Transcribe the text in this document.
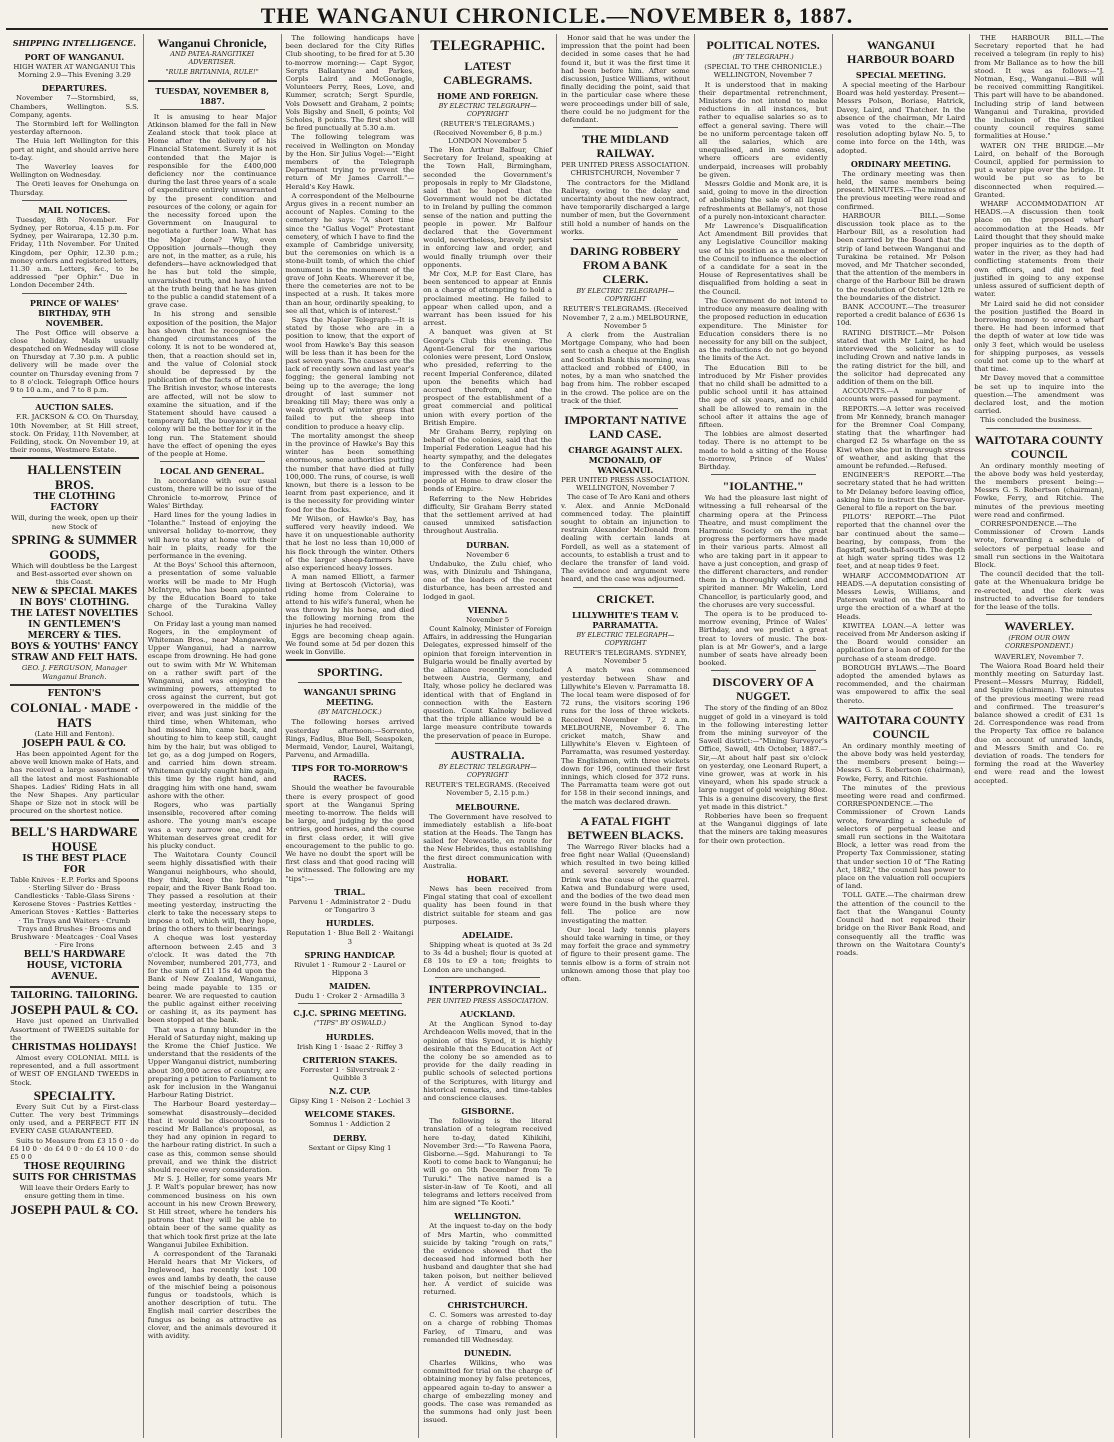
THE WANGANUI CHRONICLE.—NOVEMBER 8, 1887.
SHIPPING INTELLIGENCE.
PORT OF WANGANUI.

HIGH WATER AT WANGANUI This Morning 2.9—This Evening 3.29

DEPARTURES.

November 7—Stormbird, ss, Chambers, Wellington. S.S. Company, agents.

The Stormbird left for Wellington yesterday afternoon.

The Huia left Wellington for this port at night, and should arrive here to-day.

The Waverley leaves for Wellington on Wednesday.

The Oreti leaves for Onehunga on Thursday.

MAIL NOTICES.

Tuesday, 8th November. For Sydney, per Rotorua, 4.15 p.m. For Sydney, per Wairarapa, 12.30 p.m. Friday, 11th November. For United Kingdom, per Ophir, 12.30 p.m.; money orders and registered letters, 11.30 a.m. Letters, &c., to be addressed "per Ophir." Due in London December 24th.

PRINCE OF WALES' BIRTHDAY, 9TH NOVEMBER.

The Post Office will observe a close holiday. Mails usually despatched on Wednesday will close on Thursday at 7.30 p.m. A public delivery will be made over the counter on Thursday evening from 7 to 8 o'clock. Telegraph Office hours 9 to 10 a.m., and 7 to 8 p.m.

AUCTION SALES.

F.R. JACKSON & CO. On Thursday, 10th November, at St Hill street, stock. On Friday, 11th November, at Feilding, stock. On November 19, at their rooms, Westmere Estate.

HALLENSTEIN BROS.
THE CLOTHING FACTORY

Will, during the week, open up their new Stock of

SPRING & SUMMER GOODS,

Which will doubtless be the Largest and Best-assorted ever shown on this Coast.

NEW & SPECIAL MAKES IN BOYS' CLOTHING.
THE LATEST NOVELTIES IN GENTLEMEN'S MERCERY & TIES.
BOYS & YOUTHS' FANCY STRAW AND FELT HATS.

GEO. J. FERGUSON, Manager Wanganui Branch.

FENTON'S
COLONIAL · MADE · HATS

(Late Hill and Fenton).

JOSEPH PAUL & CO.

Has been appointed Agent for the above well known make of Hats, and has received a large assortment of all the latest and most Fashionable Shapes. Ladies' Riding Hats in all the New Shapes. Any particular Shape or Size not in stock will be procured on the shortest notice.

BELL'S HARDWARE HOUSE
IS THE BEST PLACE FOR

Table Knives · E.P. Forks and Spoons · Sterling Silver do · Brass Candlesticks · Table-Glass Sirens · Kerosene Stoves · Pastries Kettles · American Stoves · Kettles · Batteries · Tin Trays and Waiters · Crumb Trays and Brushes · Brooms and Brushware · Meatcages · Coal Vases · Fire Irons

BELL'S HARDWARE HOUSE, VICTORIA AVENUE.
TAILORING. TAILORING.
JOSEPH PAUL & CO.

Have just opened an Unrivalled Assortment of TWEEDS suitable for the

CHRISTMAS HOLIDAYS!

Almost every COLONIAL MILL is represented, and a full assortment of WEST OF ENGLAND TWEEDS in Stock.

SPECIALITY.

Every Suit Cut by a First-class Cutter. The very best Trimmings only used, and a PERFECT FIT IN EVERY CASE GUARANTEED.

Suits to Measure from £3 15 0 · do £4 10 0 · do £4 0 0 · do £4 10 0 · do £5 0 0

THOSE REQUIRING SUITS FOR CHRISTMAS

Will leave their Orders Early to ensure getting them in time.

JOSEPH PAUL & CO.
Wanganui Chronicle,
AND PATEA-RANGITIKEI ADVERTISER.
"RULE BRITANNIA, RULE!"
TUESDAY, NOVEMBER 8, 1887.

It is amusing to hear Major Atkinson blamed for the fall in New Zealand stock that took place at Home after the delivery of his Financial Statement. Surely it is not contended that the Major is responsible for the £400,000 deficiency nor the continuance during the last three years of a scale of expenditure entirely unwarranted by the present condition and resources of the colony, or again for the necessity forced upon the Government on Inaugural to negotiate a further loan. What has the Major done? Why, even Opposition journals—though they are not, in the matter, as a rule, his defenders—have acknowledged that he has but told the simple, unvarnished truth, and have hinted at the truth being that he has given to the public a candid statement of a grave case.

In his strong and sensible exposition of the position, the Major has shown that he recognises the changed circumstances of the colony. It is not to be wondered at, then, that a reaction should set in, and the value of Colonial stock should be depressed by the publication of the facts of the case. The British investor, whose interests are affected, will not be slow to examine the situation, and if the Statement should have caused a temporary fall, the buoyancy of the colony will be the better for it in the long run. The Statement should have the effect of opening the eyes of the people at Home.

LOCAL AND GENERAL.

In accordance with our usual custom, there will be no issue of the Chronicle to-morrow, Prince of Wales' Birthday.

Hard lines for the young ladies in "Iolanthe." Instead of enjoying the universal holiday to-morrow, they will have to stay at home with their hair in plaits, ready for the performance in the evening.

At the Boys' School this afternoon, a presentation of some valuable works will be made to Mr Hugh McIntyre, who has been appointed by the Education Board to take charge of the Turakina Valley School.

On Friday last a young man named Rogers, in the employment of Whiteman Bros., near Mangaweka, Upper Wanganui, had a narrow escape from drowning. He had gone out to swim with Mr W. Whiteman on a rather swift part of the Wanganui, and was enjoying the swimming powers, attempted to cross against the current, but got overpowered in the middle of the river, and was just sinking for the third time, when Whiteman, who had missed him, came back, and shouting to him to keep still, caught him by the hair, but was obliged to let go, as a dog jumped on Rogers, and carried him down stream. Whiteman quickly caught him again, this time by the right hand, and dragging him with one hand, swam ashore with the other.

Rogers, who was partially insensible, recovered after coming ashore. The young man's escape was a very narrow one, and Mr Whiteman deserves great credit for his plucky conduct.

The Waitotara County Council seem highly dissatisfied with their Wanganui neighbours, who should, they think, keep the bridge in repair, and the River Bank Road too. They passed a resolution at their meeting yesterday, instructing the clerk to take the necessary steps to impose a toll, which will, they hope, bring the others to their bearings.

A cheque was lost yesterday afternoon between 2.45 and 3 o'clock. It was dated the 7th November, numbered 201,773, and for the sum of £11 15s 4d upon the Bank of New Zealand, Wanganui, being made payable to 135 or bearer. We are requested to caution the public against either receiving or cashing it, as its payment has been stopped at the bank.

That was a funny blunder in the Herald of Saturday night, making up the Krome the Chief Justice. We understand that the residents of the Upper Wanganui district, numbering about 300,000 acres of country, are preparing a petition to Parliament to ask for inclusion in the Wanganui Harbour Rating District.

The Harbour Board yesterday—somewhat disastrously—decided that it would be discourteous to rescind Mr Ballance's proposal, as they had any opinion in regard to the harbour rating district. In such a case as this, common sense should prevail, and we think the district should receive every consideration.

Mr S. J. Heller, for some years Mr J. P. Walt's popular brewer, has now commenced business on his own account in his new Crown Brewery, St Hill street, where he tenders his patrons that they will be able to obtain beer of the same quality as that which took first prize at the late Wanganui Jubilee Exhibition.

A correspondent of the Taranaki Herald hears that Mr Vickers, of Inglewood, has recently lost 100 ewes and lambs by death, the cause of the mischief being a poisonous fungus or toadstools, which is another description of tutu. The English mail carrier describes the fungus as being as attractive as clover, and the animals devoured it with avidity.

The following handicaps have been declared for the City Rifles Club shooting, to be fired for at 5.30 to-morrow morning:— Capt Sygor, Sergts Ballantyne and Parkes, Corpls Laird and McGonagle, Volunteers Perry, Rees, Love, and Kummer, scratch; Sergt Spurdle, Vols Dowsett and Graham, 2 points; Vols Bigsby and Snell, 6 points; Vol Scholes, 8 points. The first shot will be fired punctually at 5.30 a.m.

The following telegram was received in Wellington on Monday by the Hon. Sir Julius Vogel:—"Eight members of the Telegraph Department trying to prevent the return of Mr James Carroll."—Herald's Key Hawk.

A correspondent of the Melbourne Argus gives in a recent number an account of Naples. Coming to the cemetery he says: "A short time since the "Gallus Vogel" Protestant cemetery, of which I have to find the example of Cambridge university, but the ceremonies on which is a stone-built tomb, of which the chief monument is the monument of the grave of John Keats. Wherever it be, there the cemeteries are not to be inspected at a rush. It takes more than an hour, ordinarily speaking, to see all that, which is of interest."

Says the Napier Telegraph:—It is stated by those who are in a position to know, that the export of wool from Hawke's Bay this season will be less than it has been for the past seven years. The causes are the lack of recently sown and last year's fogging; the general lambing not being up to the average; the long drought of last summer not breaking till May; there was only a weak growth of winter grass that failed to put the sheep into condition to produce a heavy clip.

The mortality amongst the sheep in the province of Hawke's Bay this winter has been something enormous, some authorities putting the number that have died at fully 100,000. The runs, of course, is well known, but there is a lesson to be learnt from past experience, and it is the necessity for providing winter food for the flocks.

Mr Wilson, of Hawke's Bay, has suffered very heavily indeed. We have it on unquestionable authority that he lost no less than 10,000 of his flock through the winter. Others of the larger sheep-farmers have also experienced heavy losses.

A man named Elliott, a farmer living at Bertoscoh (Victoria), was riding home from Coleraine to attend to his wife's funeral, when he was thrown by his horse, and died the following morning from the injuries he had received.

Eggs are becoming cheap again. We found some at 5d per dozen this week in Gonville.

SPORTING.
WANGANUI SPRING MEETING.
(BY MATCHLOCK.)

The following horses arrived yesterday afternoon:—Sorrento, Rings, Fadlus, Blue Bell, Seaspoken, Mermaid, Vendor, Laurel, Waitangi, Parvenu, and Armadilla.

TIPS FOR TO-MORROW'S RACES.

Should the weather be favourable there is every prospect of good sport at the Wanganui Spring meeting to-morrow. The fields will be large, and judging by the good entries, good horses, and the course in first class order, it will give encouragement to the public to go. We have no doubt the sport will be first class and that good racing will be witnessed. The following are my "tips":—

TRIAL.

Parvenu 1 · Administrator 2 · Dudu or Tongariro 3

HURDLES.

Reputation 1 · Blue Bell 2 · Waitangi 3

SPRING HANDICAP.

Rivulet 1 · Rumour 2 · Laurel or Hippona 3

MAIDEN.

Dudu 1 · Croker 2 · Armadilla 3

C.J.C. SPRING MEETING.
("TIPS" BY OSWALD.)
HURDLES.

Irish King 1 · Isaac 2 · Riffey 3

CRITERION STAKES.

Forrester 1 · Silverstreak 2 · Quibble 3

N.Z. CUP.

Gipsy King 1 · Nelson 2 · Lochiel 3

WELCOME STAKES.

Somnus 1 · Addiction 2

DERBY.

Sextant or Gipsy King 1

TELEGRAPHIC.
LATEST CABLEGRAMS.
HOME AND FOREIGN.
BY ELECTRIC TELEGRAPH—COPYRIGHT

(REUTER'S TELEGRAMS.) (Received November 6, 8 p.m.) LONDON November 5

The Hon Arthur Balfour, Chief Secretary for Ireland, speaking at the Town Hall, Birmingham, seconded the Government's proposals in reply to Mr Gladstone, said that he hoped that the Government would not be dictated to in Ireland by pulling the common sense of the nation and putting the people in power. Mr Balfour declared that the Government would, nevertheless, bravely persist in enforcing law and order, and would finally triumph over their opponents.

Mr Cox, M.P. for East Clare, has been sentenced to appear at Ennis on a charge of attempting to hold a proclaimed meeting. He failed to appear when called upon, and a warrant has been issued for his arrest.

A banquet was given at St George's Club this evening. The Agent-General for the various colonies were present, Lord Onslow, who presided, referring to the recent Imperial Conference, dilated upon the benefits which had accrued therefrom, and the prospect of the establishment of a great commercial and political union with every portion of the British Empire.

Mr Graham Berry, replying on behalf of the colonies, said that the Imperial Federation League had his hearty sympathy, and the delegates to the Conference had been impressed with the desire of the people at Home to draw closer the bonds of Empire.

Referring to the New Hebrides difficulty, Sir Graham Berry stated that the settlement arrived at had caused unmixed satisfaction throughout Australia.

DURBAN.

November 6

Undabuko, the Zulu chief, who was, with Dinizulu and Tshingana, one of the leaders of the recent disturbance, has been arrested and lodged in gaol.

VIENNA.

November 5

Count Kalnoky, Minister of Foreign Affairs, in addressing the Hungarian Delegates, expressed himself of the opinion that foreign intervention in Bulgaria would be finally averted by the alliance recently concluded between Austria, Germany, and Italy, whose policy he declared was identical with that of England in connection with the Eastern question. Count Kalnoky believed that the triple alliance would be a large measure contribute towards the preservation of peace in Europe.

AUSTRALIA.
BY ELECTRIC TELEGRAPH—COPYRIGHT

REUTER'S TELEGRAMS. (Received November 5, 2.15 p.m.)

MELBOURNE.

The Government have resolved to immediately establish a life-boat station at the Heads. The Tangn has sailed for Newcastle, en route for the New Hebrides, thus establishing the first direct communication with Australia.

HOBART.

News has been received from Fingal stating that coal of excellent quality has been found in that district suitable for steam and gas purposes.

ADELAIDE.

Shipping wheat is quoted at 3s 2d to 3s 4d a bushel; flour is quoted at £8 10s to £9 a ton; freights to London are unchanged.

INTERPROVINCIAL.
PER UNITED PRESS ASSOCIATION.
AUCKLAND.

At the Anglican Synod to-day Archdeacon Wells moved, that in the opinion of this Synod, it is highly desirable that the Education Act of the colony be so amended as to provide for the daily reading in public schools of selected portions of the Scriptures, with liturgy and historical remarks, and time-tables and conscience clauses.

GISBORNE.

The following is the literal translation of a telegram received here to-day, dated Kihikihi, November 3rd:—"To Rawena Paora, Gisborne.—Sgd. Mahurangi to Te Kooti to come back to Wanganui; he will go on 5th December from Te Turuki." The native named is a sister-in-law of Te Kooti, and all telegrams and letters received from him are signed "Te Kooti."

WELLINGTON.

At the inquest to-day on the body of Mrs Martin, who committed suicide by taking "rough on rats," the evidence showed that the deceased had informed both her husband and daughter that she had taken poison, but neither believed her. A verdict of suicide was returned.

CHRISTCHURCH.

C. C. Somers was arrested to-day on a charge of robbing Thomas Farley, of Timaru, and was remanded till Wednesday.

DUNEDIN.

Charles Wilkins, who was committed for trial on the charge of obtaining money by false pretences, appeared again to-day to answer a charge of embezzling money and goods. The case was remanded as the summons had only just been issued.

Honor said that he was under the impression that the point had been decided in some cases that he had found it, but it was the first time it had been before him. After some discussion, Justice Williams, without finally deciding the point, said that in the particular case where these were proceedings under bill of sale, there could be no judgment for the defendant.

THE MIDLAND RAILWAY.

PER UNITED PRESS ASSOCIATION. CHRISTCHURCH, November 7

The contractors for the Midland Railway, owing to the delay and uncertainty about the new contract, have temporarily discharged a large number of men, but the Government still hold a number of hands on the works.

DARING ROBBERY FROM A BANK CLERK.
BY ELECTRIC TELEGRAPH—COPYRIGHT

REUTER'S TELEGRAMS. (Received November 7, 2 a.m.) MELBOURNE, November 5

A clerk from the Australian Mortgage Company, who had been sent to cash a cheque at the English and Scottish Bank this morning, was attacked and robbed of £400, in notes, by a man who snatched the bag from him. The robber escaped in the crowd. The police are on the track of the thief.

IMPORTANT NATIVE LAND CASE.
CHARGE AGAINST ALEX. MCDONALD, OF WANGANUI.

PER UNITED PRESS ASSOCIATION. WELLINGTON, November 7

The case of Te Aro Kani and others v. Alex. and Annie McDonald commenced today. The plaintiff sought to obtain an injunction to restrain Alexander McDonald from dealing with certain lands at Fordell, as well as a statement of accounts, to establish a trust and to declare the transfer of land void. The evidence and argument were heard, and the case was adjourned.

CRICKET.
LILLYWHITE'S TEAM V. PARRAMATTA.
BY ELECTRIC TELEGRAPH—COPYRIGHT

REUTER'S TELEGRAMS. SYDNEY, November 5

A match was commenced yesterday between Shaw and Lillywhite's Eleven v. Parramatta 18. The local team were disposed of for 72 runs, the visitors scoring 196 runs for the loss of three wickets. Received November 7, 2 a.m. MELBOURNE, November 6. The cricket match, Shaw and Lillywhite's Eleven v. Eighteen of Parramatta, was resumed yesterday. The Englishmen, with three wickets down for 196, continued their first innings, which closed for 372 runs. The Parramatta team were got out for 158 in their second innings, and the match was declared drawn.

A FATAL FIGHT BETWEEN BLACKS.

The Warrego River blacks had a free fight near Wallal (Queensland) which resulted in two being killed and several severely wounded. Drink was the cause of the quarrel. Katwa and Bundaburg were used, and the bodies of the two dead men were found in the bush where they fell. The police are now investigating the matter.

Our local lady tennis players should take warning in time, or they may forfeit the grace and symmetry of figure to their present game. The tennis elbow is a form of strain not unknown among those that play too often.

POLITICAL NOTES.
(BY TELEGRAPH.)

(SPECIAL TO THE CHRONICLE.) WELLINGTON, November 7

It is understood that in making their departmental retrenchment, Ministers do not intend to make reductions in all instances, but rather to equalise salaries so as to effect a general saving. There will be no uniform percentage taken off all the salaries, which are unequalised, and in some cases, where officers are evidently underpaid, increases will probably be given.

Messrs Goldie and Monk are, it is said, going to move in the direction of abolishing the sale of all liquid refreshments at Bellamy's, not those of a purely non-intoxicant character.

Mr Lawrence's Disqualification Act Amendment Bill provides that any Legislative Councillor making use of his position as a member of the Council to influence the election of a candidate for a seat in the House of Representatives shall be disqualified from holding a seat in the Council.

The Government do not intend to introduce any measure dealing with the proposed reduction in education expenditure. The Minister for Education considers there is no necessity for any bill on the subject, as the reductions do not go beyond the limits of the Act.

The Education Bill to be introduced by Mr Fisher provides that no child shall be admitted to a public school until it has attained the age of six years, and no child shall be allowed to remain in the school after it attains the age of fifteen.

The lobbies are almost deserted today. There is no attempt to be made to hold a sitting of the House to-morrow, Prince of Wales' Birthday.

"IOLANTHE."

We had the pleasure last night of witnessing a full rehearsal of the charming opera at the Princess Theatre, and must compliment the Harmonic Society on the great progress the performers have made in their various parts. Almost all who are taking part in it appear to have a just conception, and grasp of the different characters, and render them in a thoroughly efficient and spirited manner. Mr Wakelin, Lord Chancellor, is particularly good, and the choruses are very successful.

The opera is to be produced to-morrow evening, Prince of Wales' Birthday, and we predict a great treat to lovers of music. The box-plan is at Mr Gower's, and a large number of seats have already been booked.

DISCOVERY OF A NUGGET.

The story of the finding of an 80oz nugget of gold in a vineyard is told in the following interesting letter from the mining surveyor of the Sawell district:—"Mining Surveyor's Office, Sawell, 4th October, 1887.—Sir,—At about half past six o'clock on yesterday, one Leonard Rupert, a vine grower, was at work in his vineyard, when his spade struck a large nugget of gold weighing 80oz. This is a genuine discovery, the first yet made in this district."

Robberies have been so frequent at the Wanganui diggings of late that the miners are taking measures for their own protection.

WANGANUI HARBOUR BOARD
SPECIAL MEETING.

A special meeting of the Harbour Board was held yesterday. Present—Messrs Polson, Boriase, Hatrick, Davey, Laird, and Thatcher. In the absence of the chairman, Mr Laird was voted to the chair.—The resolution adopting bylaw No. 5, to come into force on the 14th, was adopted.

ORDINARY MEETING.

The ordinary meeting was then held, the same members being present. MINUTES.—The minutes of the previous meeting were read and confirmed.

HARBOUR BILL.—Some discussion took place as to the Harbour Bill, as a resolution had been carried by the Board that the strip of land between Wanganui and Turakina be retained. Mr Polson moved, and Mr Thatcher seconded, that the attention of the members in charge of the Harbour Bill be drawn to the resolution of October 12th re the boundaries of the district.

BANK ACCOUNT.—The treasurer reported a credit balance of £636 1s 10d.

RATING DISTRICT.—Mr Polson stated that with Mr Laird, he had interviewed the solicitor as to including Crown and native lands in the rating district for the bill, and the solicitor had deprecated any addition of them on the bill.

ACCOUNTS.—A number of accounts were passed for payment.

REPORTS.—A letter was received from Mr Kennedy, branch manager for the Bremner Coal Company, stating that the wharfinger had charged £2 5s wharfage on the ss Kiwi when she put in through stress of weather, and asking that the amount be refunded.—Refused.

ENGINEER'S REPORT.—The secretary stated that he had written to Mr Delaney before leaving office, asking him to instruct the Surveyor-General to file a report on the bar.

PILOTS' REPORT.—The Pilot reported that the channel over the bar continued about the same—bearing, by compass, from the flagstaff, south-half-south. The depth at high water spring tides was 12 feet, and at neap tides 9 feet.

WHARF ACCOMMODATION AT HEADS.—A deputation consisting of Messrs Lewis, Williams, and Paterson waited on the Board to urge the erection of a wharf at the Heads.

KIWITEA LOAN.—A letter was received from Mr Anderson asking if the Board would consider an application for a loan of £800 for the purchase of a steam dredge.

BOROUGH BYLAWS.—The Board adopted the amended bylaws as recommended, and the chairman was empowered to affix the seal thereto.

WAITOTARA COUNTY COUNCIL

An ordinary monthly meeting of the above body was held yesterday, the members present being:—Messrs G. S. Robertson (chairman), Fowke, Ferry, and Ritchie.

The minutes of the previous meeting were read and confirmed. CORRESPONDENCE.—The Commissioner of Crown Lands wrote, forwarding a schedule of selectors of perpetual lease and small run sections in the Waitotara Block, a letter was read from the Property Tax Commissioner, stating that under section 10 of "The Rating Act, 1882," the council has power to place on the valuation roll occupiers of land.

TOLL GATE.—The chairman drew the attention of the council to the fact that the Wanganui County Council had not repaired their bridge on the River Bank Road, and consequently all the traffic was thrown on the Waitotara County's roads.

THE HARBOUR BILL.—The Secretary reported that he had received a telegram (in reply to his) from Mr Ballance as to how the bill stood. It was as follows:—"J. Notman, Esq., Wanganui.—Bill will be received committing Rangitikei. This part will have to be abandoned. Including strip of land between Wanganui and Turakina, provided the inclusion of the Rangitikei county council requires same formalities at House."

WATER ON THE BRIDGE.—Mr Laird, on behalf of the Borough Council, applied for permission to put a water pipe over the bridge. It would be put so as to be disconnected when required.—Granted.

WHARF ACCOMMODATION AT HEADS.—A discussion then took place on the proposed wharf accommodation at the Heads. Mr Laird thought that they should make proper inquiries as to the depth of water in the river, as they had had conflicting statements from their own officers, and did not feel justified in going to any expense unless assured of sufficient depth of water.

Mr Laird said he did not consider the position justified the Board in borrowing money to erect a wharf there. He had been informed that the depth of water at low tide was only 3 feet, which would be useless for shipping purposes, as vessels could not come up to the wharf at that time.

Mr Davey moved that a committee be set up to inquire into the question.—The amendment was declared lost, and the motion carried.

This concluded the business.

WAITOTARA COUNTY COUNCIL

An ordinary monthly meeting of the above body was held yesterday, the members present being:—Messrs G. S. Robertson (chairman), Fowke, Ferry, and Ritchie. The minutes of the previous meeting were read and confirmed.

CORRESPONDENCE.—The Commissioner of Crown Lands wrote, forwarding a schedule of selectors of perpetual lease and small run sections in the Waitotara Block.

The council decided that the toll-gate at the Whenuakura bridge be re-erected, and the clerk was instructed to advertise for tenders for the lease of the tolls.

WAVERLEY.
(FROM OUR OWN CORRESPONDENT.)

WAVERLEY, November 7.

The Waiora Road Board held their monthly meeting on Saturday last. Present—Messrs Murray, Riddell, and Squire (chairman). The minutes of the previous meeting were read and confirmed. The treasurer's balance showed a credit of £31 1s 2d. Correspondence was read from the Property Tax office re balance due on account of unrated lands, and Messrs Smith and Co. re deviation of roads. The tenders for forming the road at the Waverley end were read and the lowest accepted.
